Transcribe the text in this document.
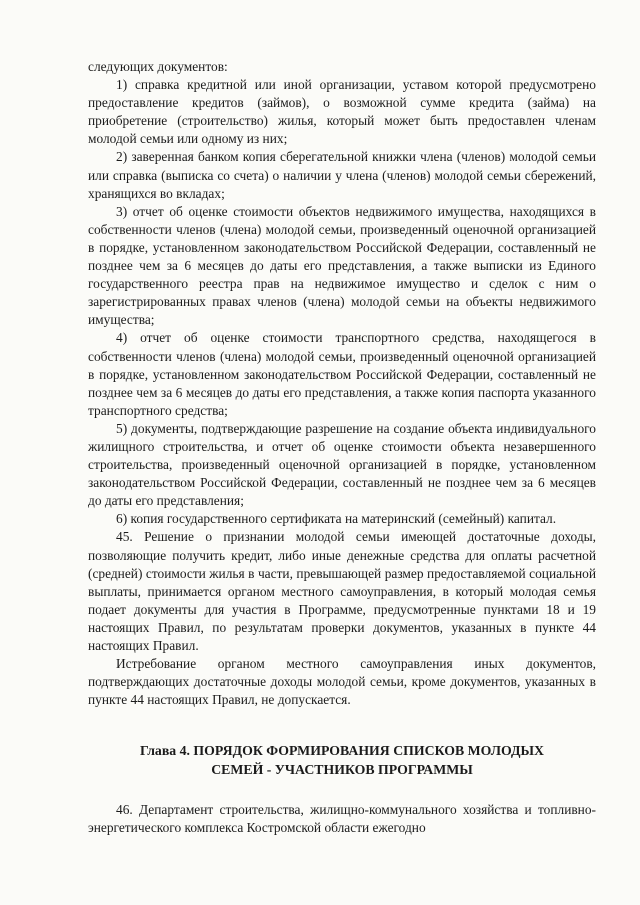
следующих документов:

1) справка кредитной или иной организации, уставом которой предусмотрено предоставление кредитов (займов), о возможной сумме кредита (займа) на приобретение (строительство) жилья, который может быть предоставлен членам молодой семьи или одному из них;

2) заверенная банком копия сберегательной книжки члена (членов) молодой семьи или справка (выписка со счета) о наличии у члена (членов) молодой семьи сбережений, хранящихся во вкладах;

3) отчет об оценке стоимости объектов недвижимого имущества, находящихся в собственности членов (члена) молодой семьи, произведенный оценочной организацией в порядке, установленном законодательством Российской Федерации, составленный не позднее чем за 6 месяцев до даты его представления, а также выписки из Единого государственного реестра прав на недвижимое имущество и сделок с ним о зарегистрированных правах членов (члена) молодой семьи на объекты недвижимого имущества;

4) отчет об оценке стоимости транспортного средства, находящегося в собственности членов (члена) молодой семьи, произведенный оценочной организацией в порядке, установленном законодательством Российской Федерации, составленный не позднее чем за 6 месяцев до даты его представления, а также копия паспорта указанного транспортного средства;

5) документы, подтверждающие разрешение на создание объекта индивидуального жилищного строительства, и отчет об оценке стоимости объекта незавершенного строительства, произведенный оценочной организацией в порядке, установленном законодательством Российской Федерации, составленный не позднее чем за 6 месяцев до даты его представления;

6) копия государственного сертификата на материнский (семейный) капитал.

45. Решение о признании молодой семьи имеющей достаточные доходы, позволяющие получить кредит, либо иные денежные средства для оплаты расчетной (средней) стоимости жилья в части, превышающей размер предоставляемой социальной выплаты, принимается органом местного самоуправления, в который молодая семья подает документы для участия в Программе, предусмотренные пунктами 18 и 19 настоящих Правил, по результатам проверки документов, указанных в пункте 44 настоящих Правил.

Истребование органом местного самоуправления иных документов, подтверждающих достаточные доходы молодой семьи, кроме документов, указанных в пункте 44 настоящих Правил, не допускается.

Глава 4. ПОРЯДОК ФОРМИРОВАНИЯ СПИСКОВ МОЛОДЫХ
СЕМЕЙ - УЧАСТНИКОВ ПРОГРАММЫ

46. Департамент строительства, жилищно-коммунального хозяйства и топливно-энергетического комплекса Костромской области ежегодно
